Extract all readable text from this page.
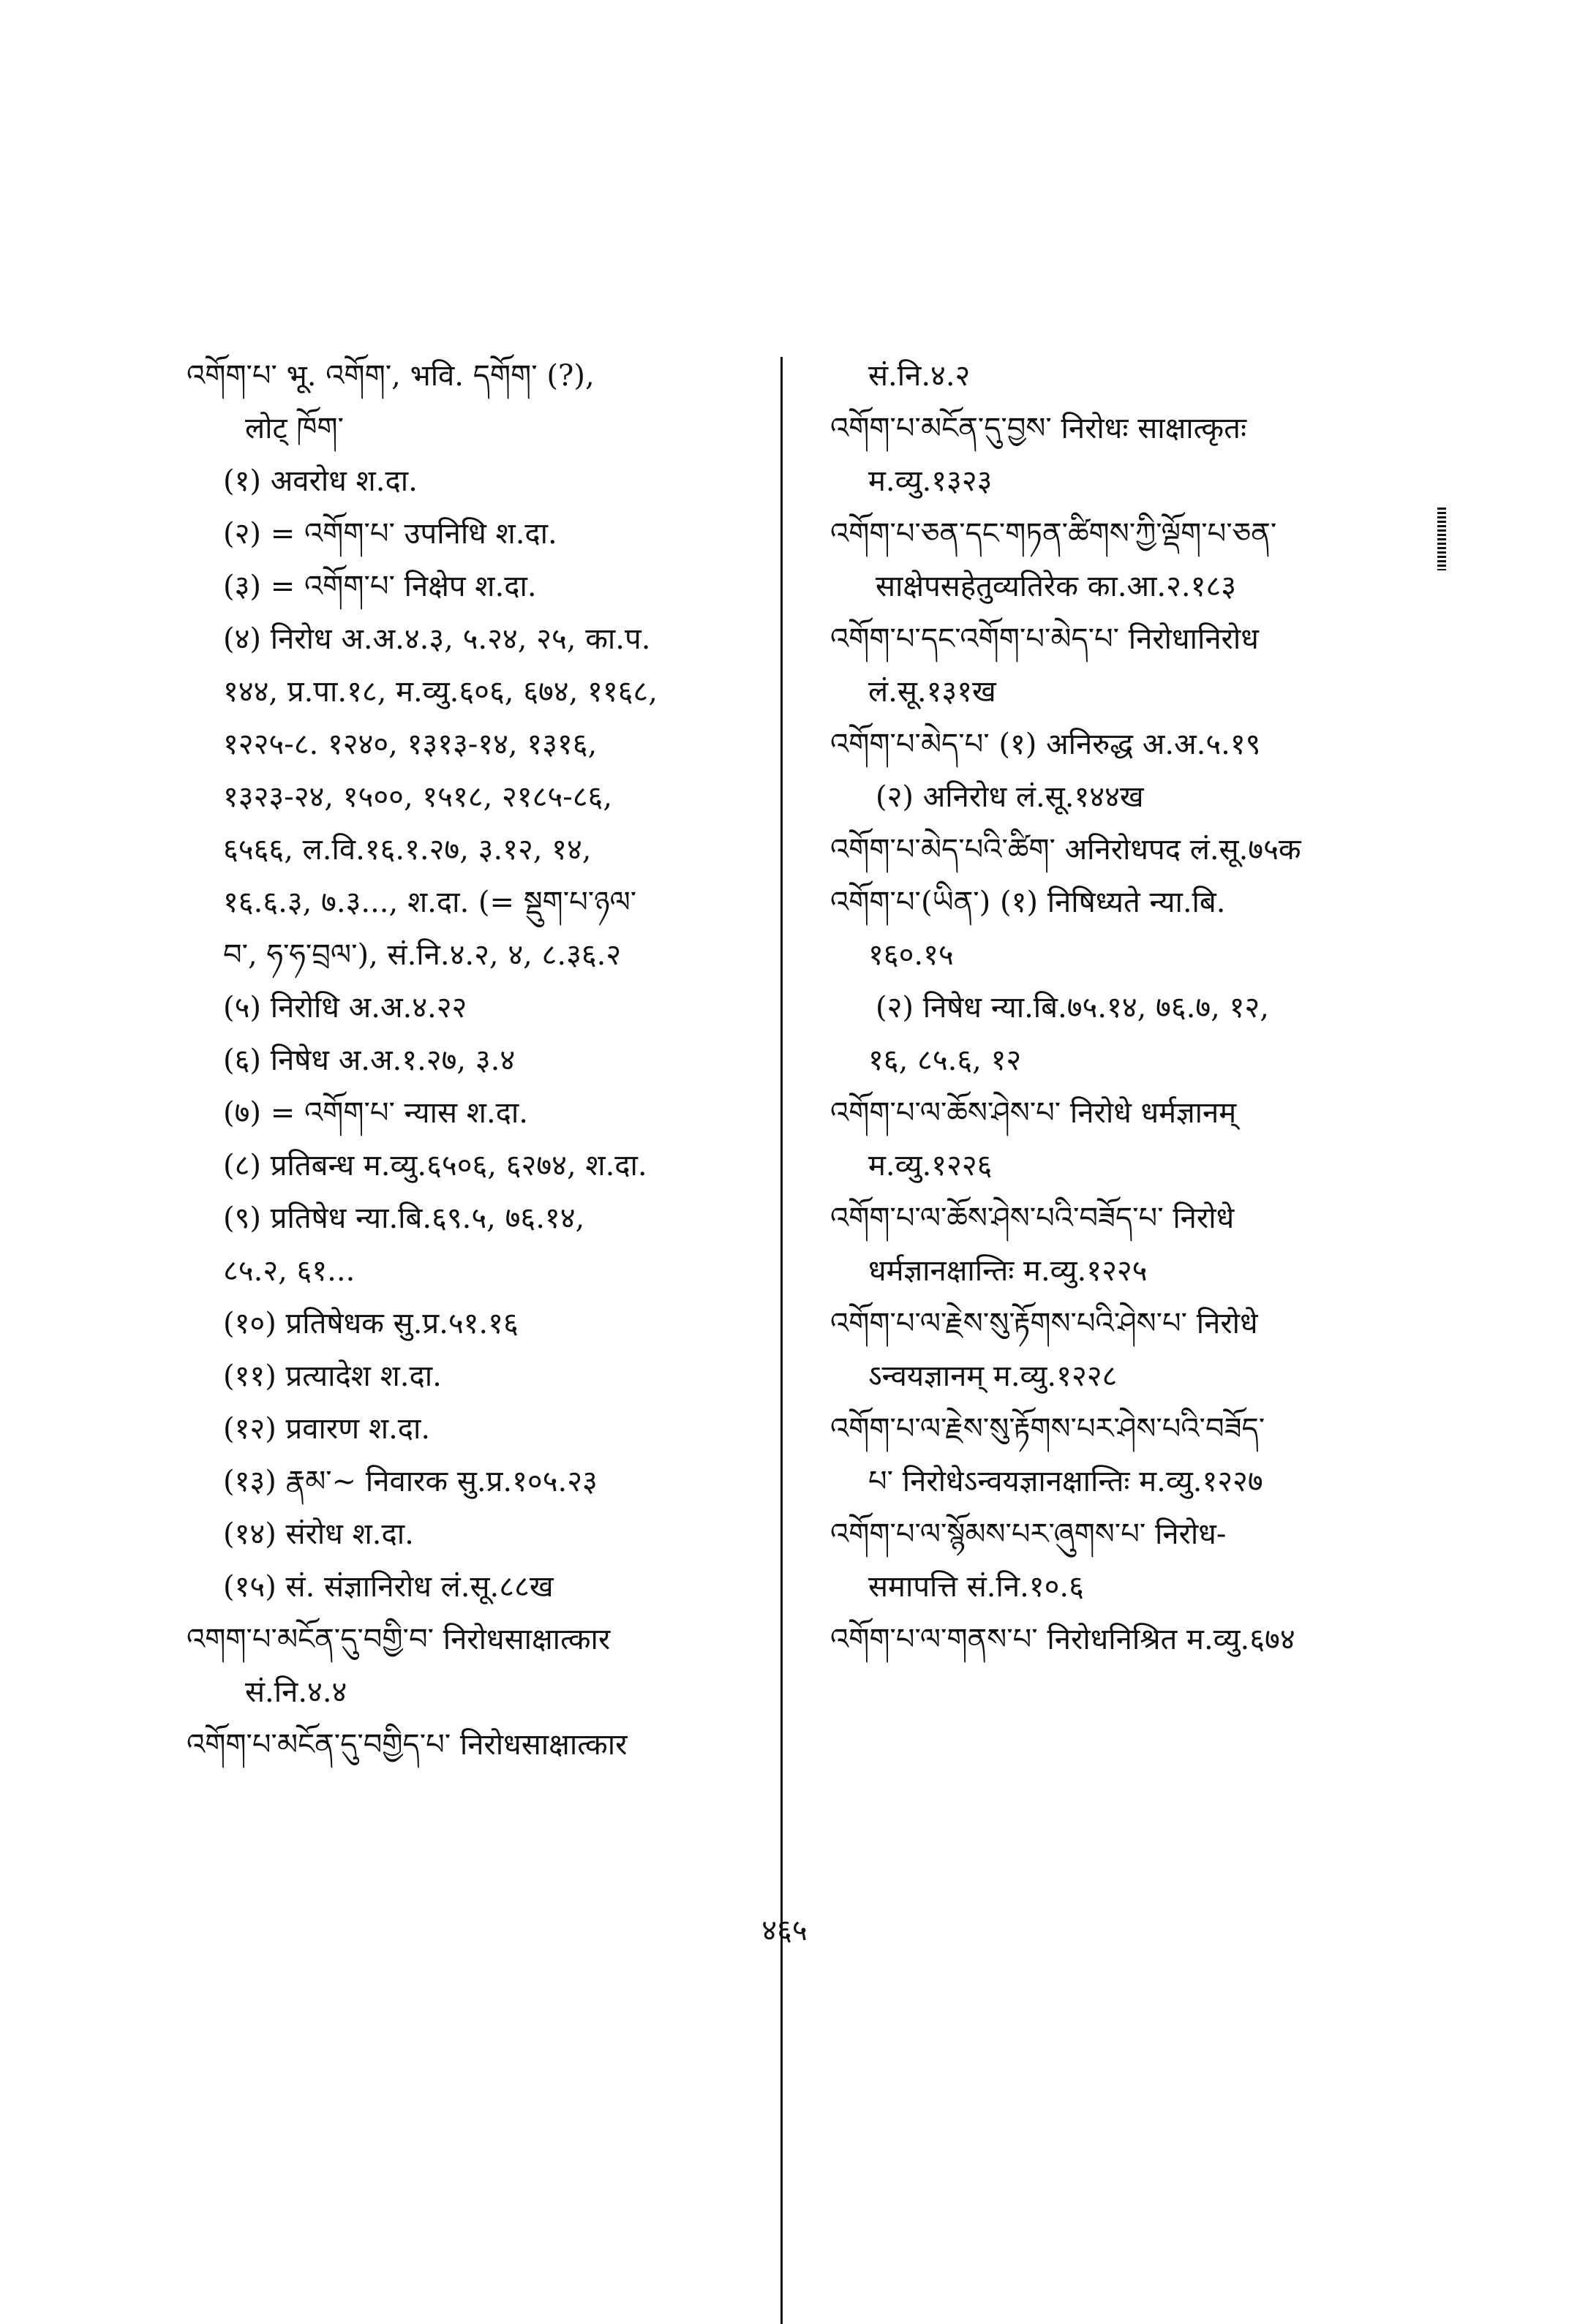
འགོག་པ་ भू. འགོག་, भवि. དགོག་ (?),
लोट् ཁོག་
(१) अवरोध श.दा.
(२) = འགོག་པ་ उपनिधि श.दा.
(३) = འགོག་པ་ निक्षेप श.दा.
(४) निरोध अ.अ.४.३, ५.२४, २५, का.प.
१४४, प्र.पा.१८, म.व्यु.६०६, ६७४, ११६८,
१२२५-८. १२४०, १३१३-१४, १३१६,
१३२३-२४, १५००, १५१८, २१८५-८६,
६५६६, ल.वि.१६.१.२७, ३.१२, १४,
१६.६.३, ७.३..., श.दा. (= སྡུག་པ་ཉལ་
བ་, ཧ་ཧ་བྲལ་), सं.नि.४.२, ४, ८.३६.२
(५) निरोधि अ.अ.४.२२
(६) निषेध अ.अ.१.२७, ३.४
(७) = འགོག་པ་ न्यास श.दा.
(८) प्रतिबन्ध म.व्यु.६५०६, ६२७४, श.दा.
(९) प्रतिषेध न्या.बि.६९.५, ७६.१४,
८५.२, ६१...
(१०) प्रतिषेधक सु.प्र.५१.१६
(११) प्रत्यादेश श.दा.
(१२) प्रवारण श.दा.
(१३) རྣམ་~ निवारक सु.प्र.१०५.२३
(१४) संरोध श.दा.
(१५) सं. संज्ञानिरोध लं.सू.८८ख
འགག་པ་མངོན་དུ་བགྱི་བ་ निरोधसाक्षात्कार
सं.नि.४.४
འགོག་པ་མངོན་དུ་བགྱིད་པ་ निरोधसाक्षात्कार
सं.नि.४.२
འགོག་པ་མངོན་དུ་བྱས་ निरोधः साक्षात्कृतः
म.व्यु.१३२३
འགོག་པ་ཅན་དང་གཏན་ཚིགས་ཀྱི་ལྡོག་པ་ཅན་
साक्षेपसहेतुव्यतिरेक का.आ.२.१८३
འགོག་པ་དང་འགོག་པ་མེད་པ་ निरोधानिरोध
लं.सू.१३१ख
འགོག་པ་མེད་པ་ (१) अनिरुद्ध अ.अ.५.१९
(२) अनिरोध लं.सू.१४४ख
འགོག་པ་མེད་པའི་ཚིག་ अनिरोधपद लं.सू.७५क
འགོག་པ་(ཡིན་) (१) निषिध्यते न्या.बि.
१६०.१५
(२) निषेध न्या.बि.७५.१४, ७६.७, १२,
१६, ८५.६, १२
འགོག་པ་ལ་ཆོས་ཤེས་པ་ निरोधे धर्मज्ञानम्
म.व्यु.१२२६
འགོག་པ་ལ་ཆོས་ཤེས་པའི་བཟོད་པ་ निरोधे
धर्मज्ञानक्षान्तिः म.व्यु.१२२५
འགོག་པ་ལ་རྗེས་སུ་རྟོགས་པའི་ཤེས་པ་ निरोधे
ऽन्वयज्ञानम् म.व्यु.१२२८
འགོག་པ་ལ་རྗེས་སུ་རྟོགས་པར་ཤེས་པའི་བཟོད་
པ་ निरोधेऽन्वयज्ञानक्षान्तिः म.व्यु.१२२७
འགོག་པ་ལ་སྙོམས་པར་ཞུགས་པ་ निरोध-
समापत्ति सं.नि.१०.६
འགོག་པ་ལ་གནས་པ་ निरोधनिश्रित म.व्यु.६७४
४६५
